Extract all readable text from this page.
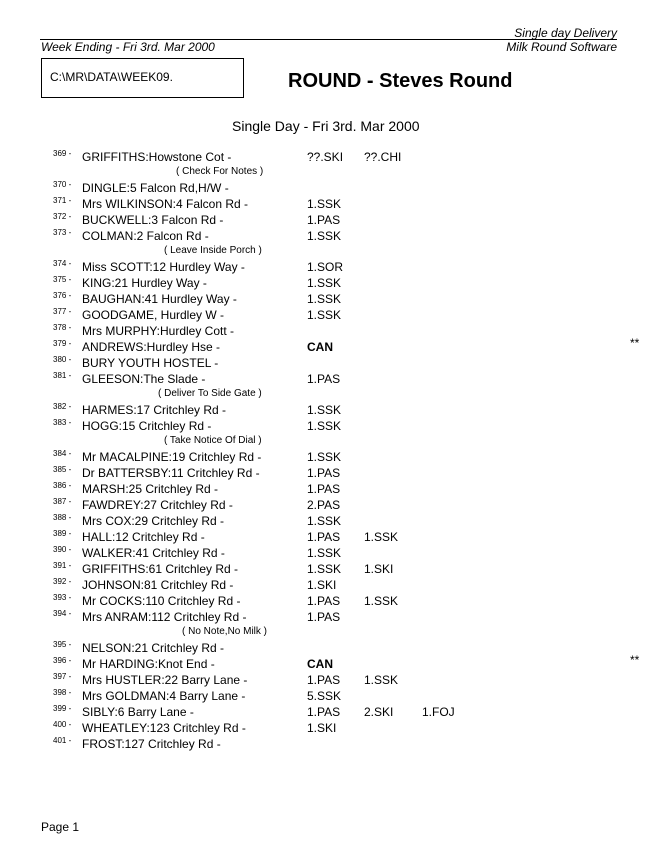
Single day Delivery
Week Ending - Fri 3rd. Mar 2000	Milk Round Software
C:\MR\DATA\WEEK09.	ROUND - Steves Round
Single Day - Fri 3rd. Mar 2000
369 - GRIFFITHS:Howstone Cot -	??.SKI ??.CHI
( Check For Notes )
370 - DINGLE:5 Falcon Rd,H/W -
371 - Mrs WILKINSON:4 Falcon Rd -	1.SSK
372 - BUCKWELL:3 Falcon Rd -	1.PAS
373 - COLMAN:2 Falcon Rd -	1.SSK
( Leave Inside Porch )
374 - Miss SCOTT:12 Hurdley Way -	1.SOR
375 - KING:21 Hurdley Way -	1.SSK
376 - BAUGHAN:41 Hurdley Way -	1.SSK
377 - GOODGAME, Hurdley W -	1.SSK
378 - Mrs MURPHY:Hurdley Cott -
379 - ANDREWS:Hurdley Hse -	CAN	**
380 - BURY YOUTH HOSTEL -
381 - GLEESON:The Slade -	1.PAS
( Deliver To Side Gate )
382 - HARMES:17 Critchley Rd -	1.SSK
383 - HOGG:15 Critchley Rd -	1.SSK
( Take Notice Of Dial )
384 - Mr MACALPINE:19 Critchley Rd -	1.SSK
385 - Dr BATTERSBY:11 Critchley Rd -	1.PAS
386 - MARSH:25 Critchley Rd -	1.PAS
387 - FAWDREY:27 Critchley Rd -	2.PAS
388 - Mrs COX:29 Critchley Rd -	1.SSK
389 - HALL:12 Critchley Rd -	1.PAS 1.SSK
390 - WALKER:41 Critchley Rd -	1.SSK
391 - GRIFFITHS:61 Critchley Rd -	1.SSK 1.SKI
392 - JOHNSON:81 Critchley Rd -	1.SKI
393 - Mr COCKS:110 Critchley Rd -	1.PAS 1.SSK
394 - Mrs ANRAM:112 Critchley Rd -	1.PAS
( No Note,No Milk )
395 - NELSON:21 Critchley Rd -
396 - Mr HARDING:Knot End -	CAN	**
397 - Mrs HUSTLER:22 Barry Lane -	1.PAS 1.SSK
398 - Mrs GOLDMAN:4 Barry Lane -	5.SSK
399 - SIBLY:6 Barry Lane -	1.PAS 2.SKI 1.FOJ
400 - WHEATLEY:123 Critchley Rd -	1.SKI
401 - FROST:127 Critchley Rd -
Page 1
